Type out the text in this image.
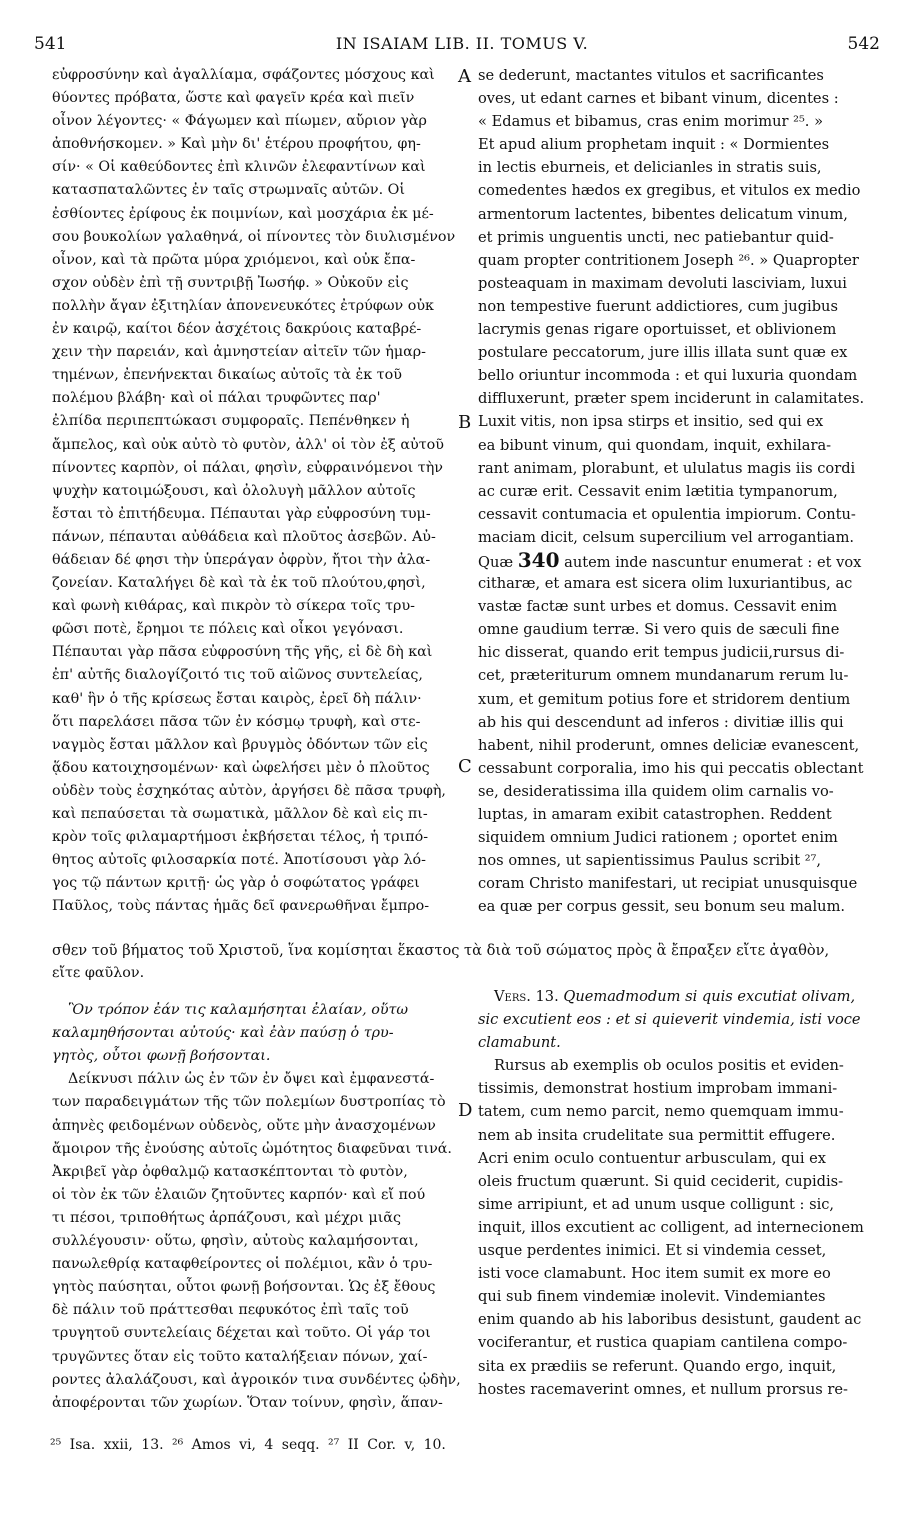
541	IN ISAIAM LIB. II. TOMUS V.	542
εὐφροσύνην καὶ ἀγαλλίαμα, σφάζοντες μόσχους καὶ
θύοντες πρόβατα, ὥστε καὶ φαγεῖν κρέα καὶ πιεῖν
οἶνον λέγοντες· « Φάγωμεν καὶ πίωμεν, αὔριον γὰρ
ἀποθνήσκομεν. » Καὶ μὴν δι' ἑτέρου προφήτου, φη-
σίν· « Οἱ καθεύδοντες ἐπὶ κλινῶν ἐλεφαντίνων καὶ
κατασπαταλῶντες ἐν ταῖς στρωμναῖς αὐτῶν. Οἱ
ἐσθίοντες ἐρίφους ἐκ ποιμνίων, καὶ μοσχάρια ἐκ μέ-
σου βουκολίων γαλαθηνά, οἱ πίνοντες τὸν διυλισμένον
οἶνον, καὶ τὰ πρῶτα μύρα χριόμενοι, καὶ οὐκ ἔπα-
σχον οὐδὲν ἐπὶ τῇ συντριβῇ Ἰωσήφ. » Οὐκοῦν εἰς
πολλὴν ἄγαν ἐξιτηλίαν ἀπονενευκότες ἐτρύφων οὐκ
ἐν καιρῷ, καίτοι δέον ἀσχέτοις δακρύοις καταβρέ-
χειν τὴν παρειάν, καὶ ἀμνηστείαν αἰτεῖν τῶν ἡμαρ-
τημένων, ἐπενήνεκται δικαίως αὐτοῖς τὰ ἐκ τοῦ
πολέμου βλάβη· καὶ οἱ πάλαι τρυφῶντες παρ'
ἐλπίδα περιπεπτώκασι συμφοραῖς. Πεπένθηκεν ἡ
ἄμπελος, καὶ οὐκ αὐτὸ τὸ φυτὸν, ἀλλ' οἱ τὸν ἐξ αὐτοῦ
πίνοντες καρπὸν, οἱ πάλαι, φησὶν, εὐφραινόμενοι τὴν
ψυχὴν κατοιμώξουσι, καὶ ὀλολυγὴ μᾶλλον αὐτοῖς
ἔσται τὸ ἐπιτήδευμα. Πέπαυται γὰρ εὐφροσύνη τυμ-
πάνων, πέπαυται αὐθάδεια καὶ πλοῦτος ἀσεβῶν. Αὐ-
θάδειαν δέ φησι τὴν ὑπεράγαν ὀφρὺν, ἤτοι τὴν ἀλα-
ζονείαν. Καταλήγει δὲ καὶ τὰ ἐκ τοῦ πλούτου,φησὶ,
καὶ φωνὴ κιθάρας, καὶ πικρὸν τὸ σίκερα τοῖς τρυ-
φῶσι ποτὲ, ἔρημοι τε πόλεις καὶ οἶκοι γεγόνασι.
Πέπαυται γὰρ πᾶσα εὐφροσύνη τῆς γῆς, εἰ δὲ δὴ καὶ
ἐπ' αὐτῆς διαλογίζοιτό τις τοῦ αἰῶνος συντελείας,
καθ' ἣν ὁ τῆς κρίσεως ἔσται καιρὸς, ἐρεῖ δὴ πάλιν·
ὅτι παρελάσει πᾶσα τῶν ἐν κόσμῳ τρυφὴ, καὶ στε-
ναγμὸς ἔσται μᾶλλον καὶ βρυγμὸς ὀδόντων τῶν εἰς
ᾅδου κατοιχησομένων· καὶ ὠφελήσει μὲν ὁ πλοῦτος
οὐδὲν τοὺς ἐσχηκότας αὐτὸν, ἀργήσει δὲ πᾶσα τρυφὴ,
καὶ πεπαύσεται τὰ σωματικὰ, μᾶλλον δὲ καὶ εἰς πι-
κρὸν τοῖς φιλαμαρτήμοσι ἐκβήσεται τέλος, ἡ τριπό-
θητος αὐτοῖς φιλοσαρκία ποτέ. Ἀποτίσουσι γὰρ λό-
γος τῷ πάντων κριτῇ· ὡς γὰρ ὁ σοφώτατος γράφει
Παῦλος, τοὺς πάντας ἡμᾶς δεῖ φανερωθῆναι ἔμπρο-
se dederunt, mactantes vitulos et sacrificantes
oves, ut edant carnes et bibant vinum, dicentes :
« Edamus et bibamus, cras enim morimur ²⁵. »
Et apud alium prophetam inquit : « Dormientes
in lectis eburneis, et delicianles in stratis suis,
comedentes hædos ex gregibus, et vitulos ex medio
armentorum lactentes, bibentes delicatum vinum,
et primis unguentis uncti, nec patiebantur quid-
quam propter contritionem Joseph ²⁶. » Quapropter
posteaquam in maximam devoluti lasciviam, luxui
non tempestive fuerunt addictiores, cum jugibus
lacrymis genas rigare oportuisset, et oblivionem
postulare peccatorum, jure illis illata sunt quæ ex
bello oriuntur incommoda : et qui luxuria quondam
diffluxerunt, præter spem inciderunt in calamitates.
Luxit vitis, non ipsa stirps et insitio, sed qui ex
ea bibunt vinum, qui quondam, inquit, exhilara-
rant animam, plorabunt, et ululatus magis iis cordi
ac curæ erit. Cessavit enim lætitia tympanorum,
cessavit contumacia et opulentia impiorum. Contu-
maciam dicit, celsum supercilium vel arrogantiam.
Quæ 340 autem inde nascuntur enumerat : et vox
citharæ, et amara est sicera olim luxuriantibus, ac
vastæ factæ sunt urbes et domus. Cessavit enim
omne gaudium terræ. Si vero quis de sæculi fine
hic disserat, quando erit tempus judicii,rursus di-
cet, præteriturum omnem mundanarum rerum lu-
xum, et gemitum potius fore et stridorem dentium
ab his qui descendunt ad inferos : divitiæ illis qui
habent, nihil proderunt, omnes deliciæ evanescent,
cessabunt corporalia, imo his qui peccatis oblectant
se, desideratissima illa quidem olim carnalis vo-
luptas, in amaram exibit catastrophen. Reddent
siquidem omnium Judici rationem ; oportet enim
nos omnes, ut sapientissimus Paulus scribit ²⁷,
coram Christo manifestari, ut recipiat unusquisque
ea quæ per corpus gessit, seu bonum seu malum.
σθεν τοῦ βήματος τοῦ Χριστοῦ, ἵνα κομίσηται ἕκαστος τὰ διὰ τοῦ σώματος πρὸς ἃ ἔπραξεν εἴτε ἀγαθὸν,
εἴτε φαῦλον.
Ὃν τρόπον ἐάν τις καλαμήσηται ἐλαίαν, οὕτω
καλαμηθήσονται αὐτούς· καὶ ἐὰν παύσῃ ὁ τρυ-
γητὸς, οὗτοι φωνῇ βοήσονται.
Δείκνυσι πάλιν ὡς ἐν τῶν ἐν ὄψει καὶ ἐμφανεστά-
των παραδειγμάτων τῆς τῶν πολεμίων δυστροπίας τὸ
ἀπηνὲς φειδομένων οὐδενὸς, οὔτε μὴν ἀνασχομένων
ἄμοιρον τῆς ἐνούσης αὐτοῖς ὠμότητος διαφεῦναι τινά.
Ἀκριβεῖ γὰρ ὀφθαλμῷ κατασκέπτονται τὸ φυτὸν,
οἱ τὸν ἐκ τῶν ἐλαιῶν ζητοῦντες καρπόν· καὶ εἴ πού
τι πέσοι, τριποθήτως ἁρπάζουσι, καὶ μέχρι μιᾶς
συλλέγουσιν· οὕτω, φησὶν, αὐτοὺς καλαμήσονται,
πανωλεθρίᾳ καταφθείροντες οἱ πολέμιοι, κἂν ὁ τρυ-
γητὸς παύσηται, οὗτοι φωνῇ βοήσονται. Ὡς ἐξ ἔθους
δὲ πάλιν τοῦ πράττεσθαι πεφυκότος ἐπὶ ταῖς τοῦ
τρυγητοῦ συντελείαις δέχεται καὶ τοῦτο. Οἱ γάρ τοι
τρυγῶντες ὅταν εἰς τοῦτο καταλήξειαν πόνων, χαί-
ροντες ἀλαλάζουσι, καὶ ἀγροικόν τινα συνδέντες ᾠδὴν,
ἀποφέρονται τῶν χωρίων. Ὅταν τοίνυν, φησὶν, ἅπαν-
Vers. 13. Quemadmodum si quis excutiat olivam,
sic excutient eos : et si quieverit vindemia, isti voce
clamabunt.
Rursus ab exemplis ob oculos positis et eviden-
tissimis, demonstrat hostium improbam immani-
tatem, cum nemo parcit, nemo quemquam immu-
nem ab insita crudelitate sua permittit effugere.
Acri enim oculo contuentur arbusculam, qui ex
oleis fructum quærunt. Si quid ceciderit, cupidis-
sime arripiunt, et ad unum usque colligunt : sic,
inquit, illos excutient ac colligent, ad internecionem
usque perdentes inimici. Et si vindemia cesset,
isti voce clamabunt. Hoc item sumit ex more eo
qui sub finem vindemiæ inolevit. Vindemiantes
enim quando ab his laboribus desistunt, gaudent ac
vociferantur, et rustica quapiam cantilena compo-
sita ex prædiis se referunt. Quando ergo, inquit,
hostes racemaverint omnes, et nullum prorsus re-
A
B
C
D
²⁵ Isa. xxii, 13. ²⁶ Amos vi, 4 seqq. ²⁷ II Cor. v, 10.
